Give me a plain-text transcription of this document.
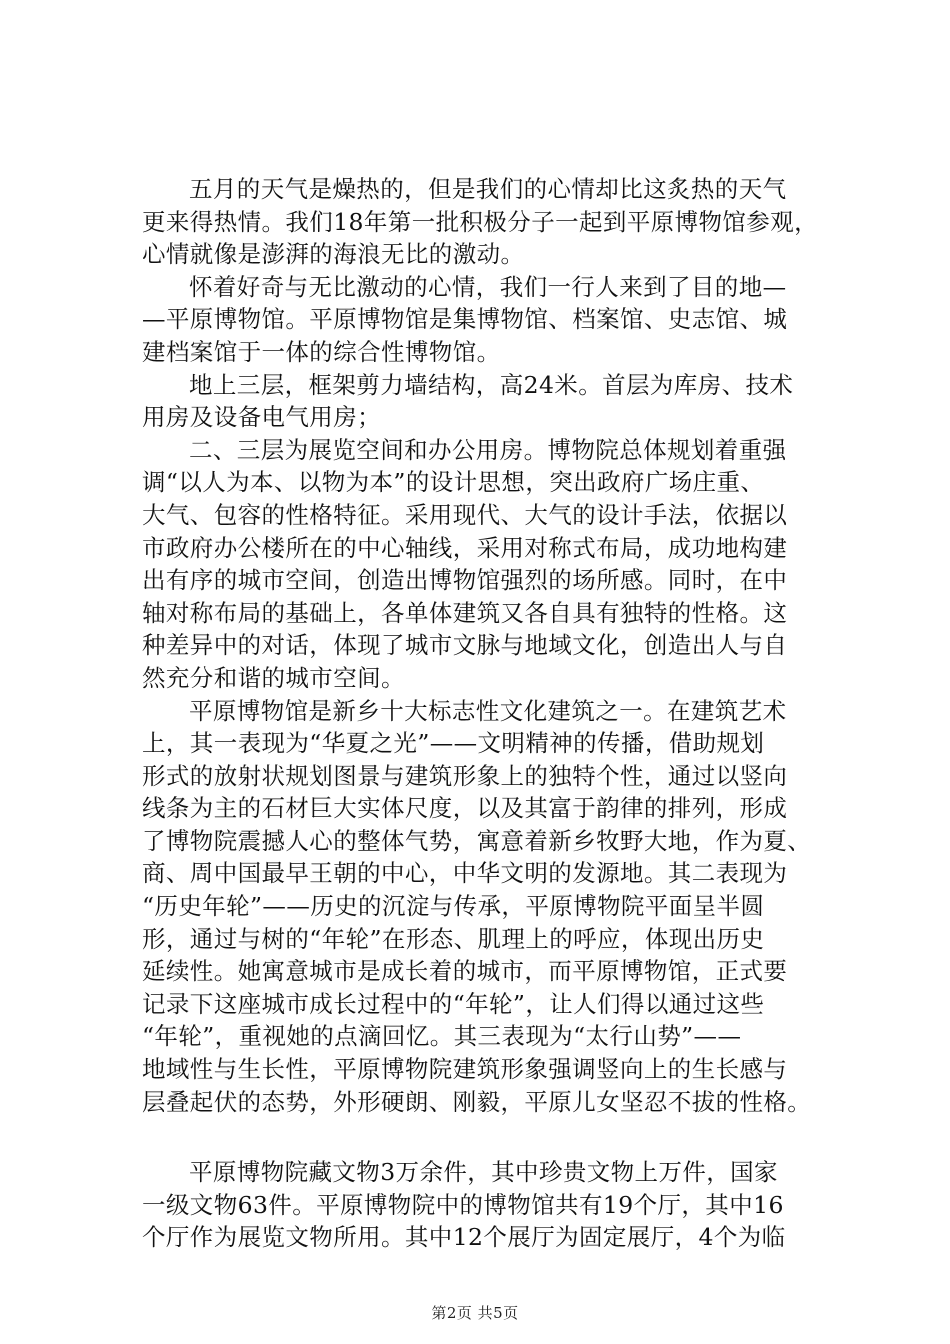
五月的天气是燥热的，但是我们的心情却比这炙热的天气
更来得热情。我们18年第一批积极分子一起到平原博物馆参观，
心情就像是澎湃的海浪无比的激动。
怀着好奇与无比激动的心情，我们一行人来到了目的地—
—平原博物馆。平原博物馆是集博物馆、档案馆、史志馆、城
建档案馆于一体的综合性博物馆。
地上三层，框架剪力墙结构，高24米。首层为库房、技术
用房及设备电气用房；
二、三层为展览空间和办公用房。博物院总体规划着重强
调“以人为本、以物为本”的设计思想，突出政府广场庄重、
大气、包容的性格特征。采用现代、大气的设计手法，依据以
市政府办公楼所在的中心轴线，采用对称式布局，成功地构建
出有序的城市空间，创造出博物馆强烈的场所感。同时，在中
轴对称布局的基础上，各单体建筑又各自具有独特的性格。这
种差异中的对话，体现了城市文脉与地域文化，创造出人与自
然充分和谐的城市空间。
平原博物馆是新乡十大标志性文化建筑之一。在建筑艺术
上，其一表现为“华夏之光”——文明精神的传播，借助规划
形式的放射状规划图景与建筑形象上的独特个性，通过以竖向
线条为主的石材巨大实体尺度，以及其富于韵律的排列，形成
了博物院震撼人心的整体气势，寓意着新乡牧野大地，作为夏、
商、周中国最早王朝的中心，中华文明的发源地。其二表现为
“历史年轮”——历史的沉淀与传承，平原博物院平面呈半圆
形，通过与树的“年轮”在形态、肌理上的呼应，体现出历史
延续性。她寓意城市是成长着的城市，而平原博物馆，正式要
记录下这座城市成长过程中的“年轮”，让人们得以通过这些
“年轮”，重视她的点滴回忆。其三表现为“太行山势”——
地域性与生长性，平原博物院建筑形象强调竖向上的生长感与
层叠起伏的态势，外形硬朗、刚毅，平原儿女坚忍不拔的性格。
平原博物院藏文物3万余件，其中珍贵文物上万件，国家
一级文物63件。平原博物院中的博物馆共有19个厅，其中16
个厅作为展览文物所用。其中12个展厅为固定展厅，4个为临
第2页 共5页
